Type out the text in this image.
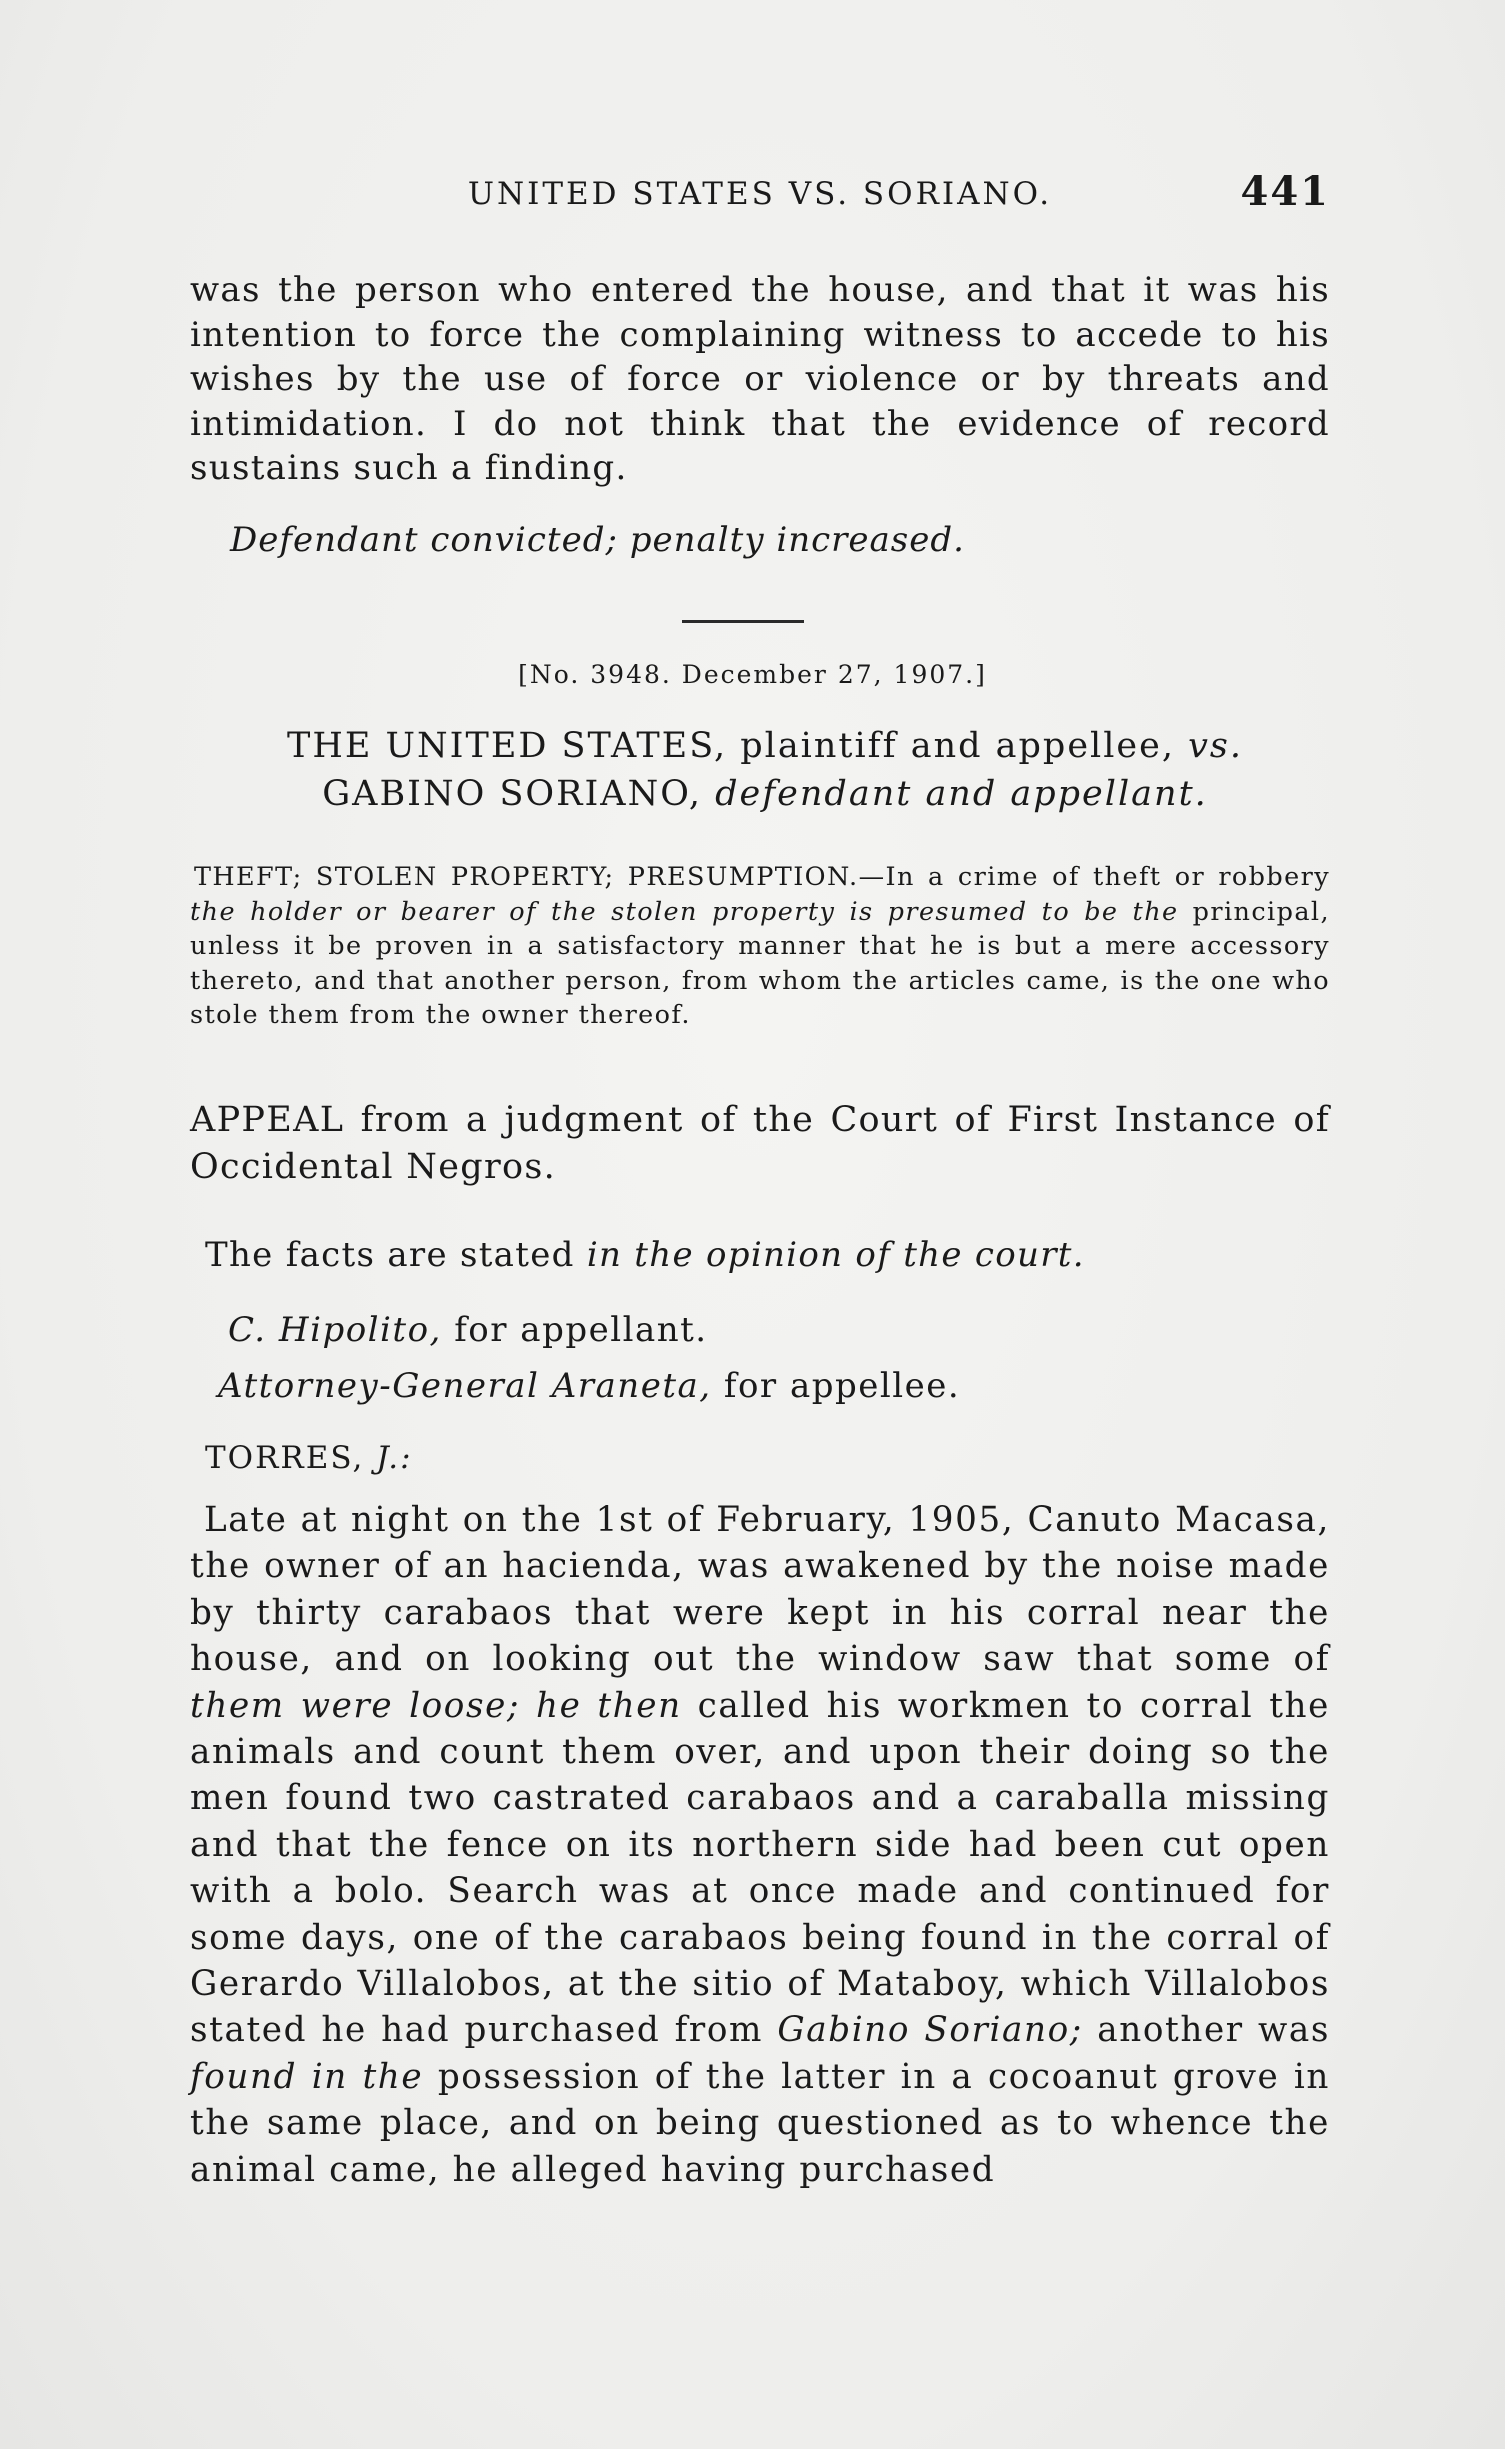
UNITED STATES VS. SORIANO.	441

was the person who entered the house, and that it was his intention to force the complaining witness to accede to his wishes by the use of force or violence or by threats and intimidation. I do not think that the evidence of record sustains such a finding.

Defendant convicted; penalty increased.

[No. 3948. December 27, 1907.]

THE UNITED STATES, plaintiff and appellee, vs. GABINO SORIANO, defendant and appellant.

THEFT; STOLEN PROPERTY; PRESUMPTION.—In a crime of theft or robbery the holder or bearer of the stolen property is presumed to be the principal, unless it be proven in a satisfactory manner that he is but a mere accessory thereto, and that another person, from whom the articles came, is the one who stole them from the owner thereof.

APPEAL from a judgment of the Court of First Instance of Occidental Negros.

The facts are stated in the opinion of the court.

C. Hipolito, for appellant.

Attorney-General Araneta, for appellee.

TORRES, J.:

Late at night on the 1st of February, 1905, Canuto Macasa, the owner of an hacienda, was awakened by the noise made by thirty carabaos that were kept in his corral near the house, and on looking out the window saw that some of them were loose; he then called his workmen to corral the animals and count them over, and upon their doing so the men found two castrated carabaos and a caraballa missing and that the fence on its northern side had been cut open with a bolo. Search was at once made and continued for some days, one of the carabaos being found in the corral of Gerardo Villalobos, at the sitio of Mataboy, which Villalobos stated he had purchased from Gabino Soriano; another was found in the possession of the latter in a cocoanut grove in the same place, and on being questioned as to whence the animal came, he alleged having purchased
